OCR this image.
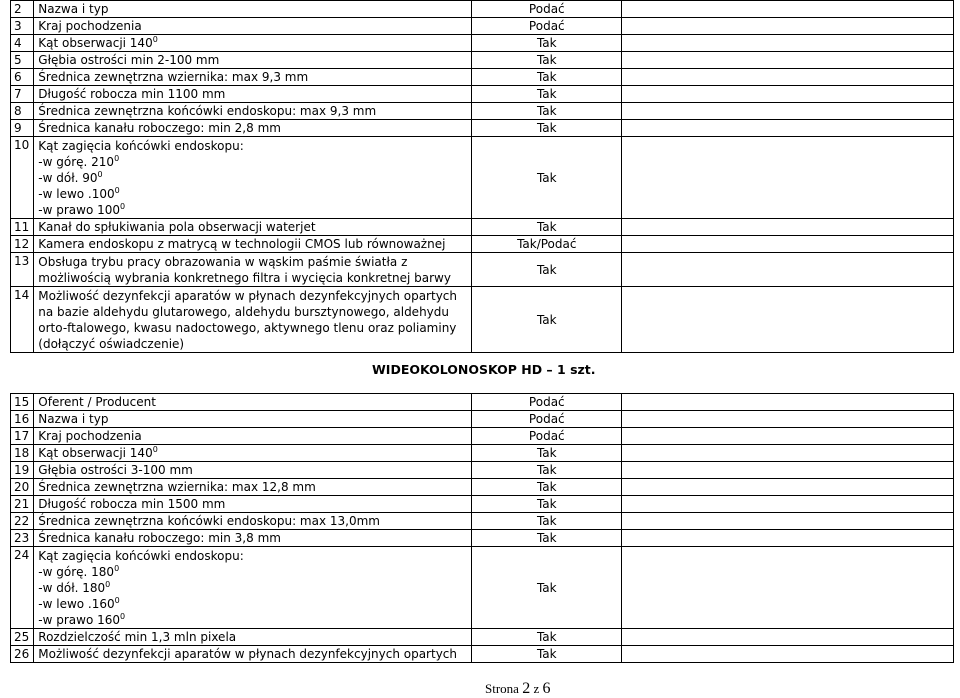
2	Nazwa i typ	Podać	
3	Kraj pochodzenia	Podać	
4	Kąt obserwacji $140^0$	Tak	
5	Głębia ostrości min 2-100 mm	Tak	
6	Średnica zewnętrzna wziernika: max 9,3 mm	Tak	
7	Długość robocza min 1100 mm	Tak	
8	Średnica zewnętrzna końcówki endoskopu: max 9,3 mm	Tak	
9	Średnica kanału roboczego: min 2,8 mm	Tak	
10	Kąt zagięcia końcówki endoskopu:
-w górę. $210^0$
-w dół. $90^0$
-w lewo .100$^0$
-w prawo $100^0$	Tak	
11	Kanał do spłukiwania pola obserwacji waterjet	Tak	
12	Kamera endoskopu z matrycą w technologii CMOS lub równoważnej	Tak/Podać	
13	Obsługa trybu pracy obrazowania w wąskim paśmie światła z
możliwością wybrania konkretnego filtra i wycięcia konkretnej barwy	Tak	
14	Możliwość dezynfekcji aparatów w płynach dezynfekcyjnych opartych
na bazie aldehydu glutarowego, aldehydu bursztynowego, aldehydu
orto-ftalowego, kwasu nadoctowego, aktywnego tlenu oraz poliaminy
(dołączyć oświadczenie)	Tak	
WIDEOKOLONOSKOP HD – 1 szt.
15	Oferent / Producent	Podać	
16	Nazwa i typ	Podać	
17	Kraj pochodzenia	Podać	
18	Kąt obserwacji $140^0$	Tak	
19	Głębia ostrości 3-100 mm	Tak	
20	Średnica zewnętrzna wziernika: max 12,8 mm	Tak	
21	Długość robocza min 1500 mm	Tak	
22	Średnica zewnętrzna końcówki endoskopu: max 13,0mm	Tak	
23	Średnica kanału roboczego: min 3,8 mm	Tak	
24	Kąt zagięcia końcówki endoskopu:
-w górę. $180^0$
-w dół. $180^0$
-w lewo .160$^0$
-w prawo $160^0$	Tak	
25	Rozdzielczość min 1,3 mln pixela	Tak	
26	Możliwość dezynfekcji aparatów w płynach dezynfekcyjnych opartych	Tak	
Strona 2 z 6
